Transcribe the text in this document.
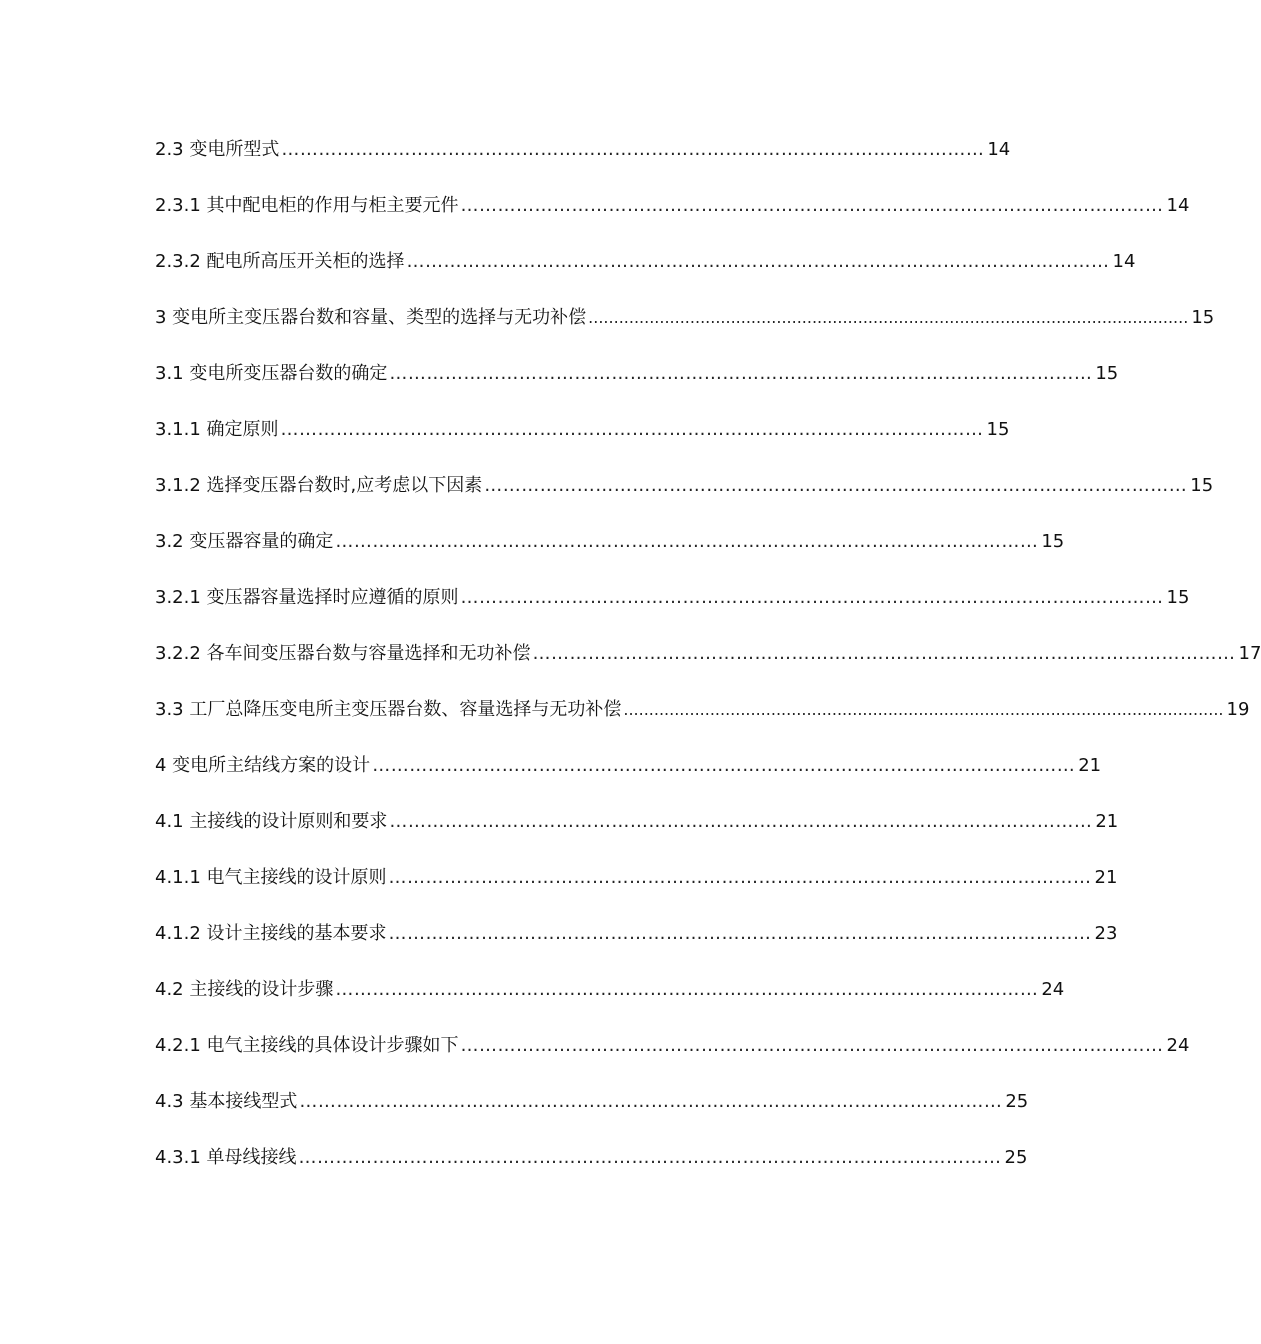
2.3 变电所型式 …………………………………………………………………………………………………… 14
2.3.1 其中配电柜的作用与柜主要元件 …………………………………………………………………………………………………… 14
2.3.2 配电所高压开关柜的选择 …………………………………………………………………………………………………… 14
3 变电所主变压器台数和容量、类型的选择与无功补偿 ...................................................................................................................... 15
3.1 变电所变压器台数的确定 …………………………………………………………………………………………………… 15
3.1.1 确定原则 …………………………………………………………………………………………………… 15
3.1.2 选择变压器台数时,应考虑以下因素 …………………………………………………………………………………………………… 15
3.2 变压器容量的确定 …………………………………………………………………………………………………… 15
3.2.1 变压器容量选择时应遵循的原则 …………………………………………………………………………………………………… 15
3.2.2 各车间变压器台数与容量选择和无功补偿 …………………………………………………………………………………………………… 17
3.3 工厂总降压变电所主变压器台数、容量选择与无功补偿 ...................................................................................................................... 19
4 变电所主结线方案的设计 …………………………………………………………………………………………………… 21
4.1 主接线的设计原则和要求 …………………………………………………………………………………………………… 21
4.1.1 电气主接线的设计原则 …………………………………………………………………………………………………… 21
4.1.2 设计主接线的基本要求 …………………………………………………………………………………………………… 23
4.2 主接线的设计步骤 …………………………………………………………………………………………………… 24
4.2.1 电气主接线的具体设计步骤如下 …………………………………………………………………………………………………… 24
4.3 基本接线型式 …………………………………………………………………………………………………… 25
4.3.1 单母线接线 …………………………………………………………………………………………………… 25
